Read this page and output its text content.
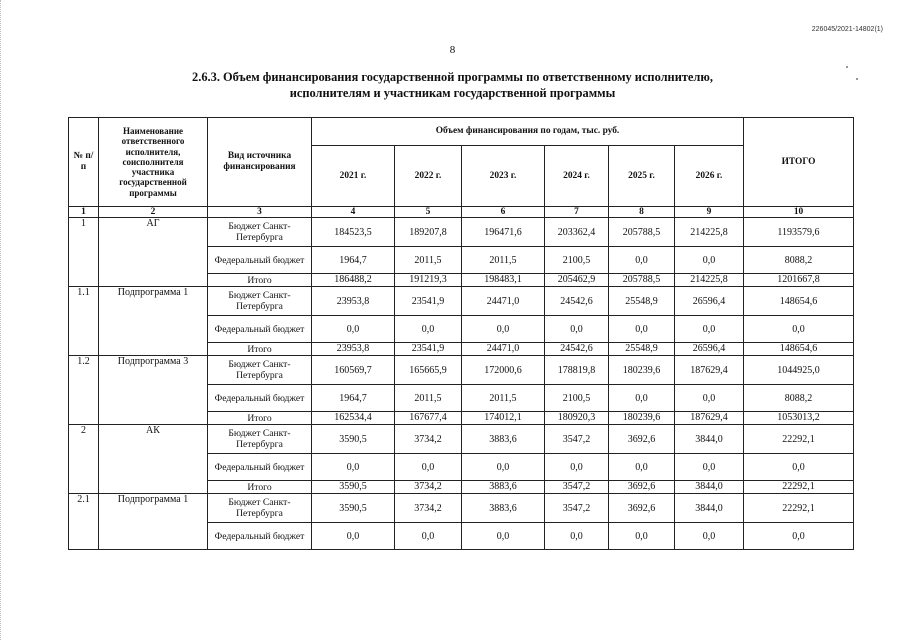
226045/2021-14802(1)
8
2.6.3. Объем финансирования государственной программы по ответственному исполнителю,
исполнителям и участникам государственной программы
№ п/п	Наименование ответственного исполнителя, соисполнителя участника государственной программы	Вид источника финансирования	Объем финансирования по годам, тыс. руб.						ИТОГО
			2021 г.	2022 г.	2023 г.	2024 г.	2025 г.	2026 г.	
1	2	3	4	5	6	7	8	9	10
1	АГ	Бюджет Санкт-Петербурга	184523,5	189207,8	196471,6	203362,4	205788,5	214225,8	1193579,6
		Федеральный бюджет	1964,7	2011,5	2011,5	2100,5	0,0	0,0	8088,2
		Итого	186488,2	191219,3	198483,1	205462,9	205788,5	214225,8	1201667,8
1.1	Подпрограмма 1	Бюджет Санкт-Петербурга	23953,8	23541,9	24471,0	24542,6	25548,9	26596,4	148654,6
		Федеральный бюджет	0,0	0,0	0,0	0,0	0,0	0,0	0,0
		Итого	23953,8	23541,9	24471,0	24542,6	25548,9	26596,4	148654,6
1.2	Подпрограмма 3	Бюджет Санкт-Петербурга	160569,7	165665,9	172000,6	178819,8	180239,6	187629,4	1044925,0
		Федеральный бюджет	1964,7	2011,5	2011,5	2100,5	0,0	0,0	8088,2
		Итого	162534,4	167677,4	174012,1	180920,3	180239,6	187629,4	1053013,2
2	АК	Бюджет Санкт-Петербурга	3590,5	3734,2	3883,6	3547,2	3692,6	3844,0	22292,1
		Федеральный бюджет	0,0	0,0	0,0	0,0	0,0	0,0	0,0
		Итого	3590,5	3734,2	3883,6	3547,2	3692,6	3844,0	22292,1
2.1	Подпрограмма 1	Бюджет Санкт-Петербурга	3590,5	3734,2	3883,6	3547,2	3692,6	3844,0	22292,1
		Федеральный бюджет	0,0	0,0	0,0	0,0	0,0	0,0	0,0
